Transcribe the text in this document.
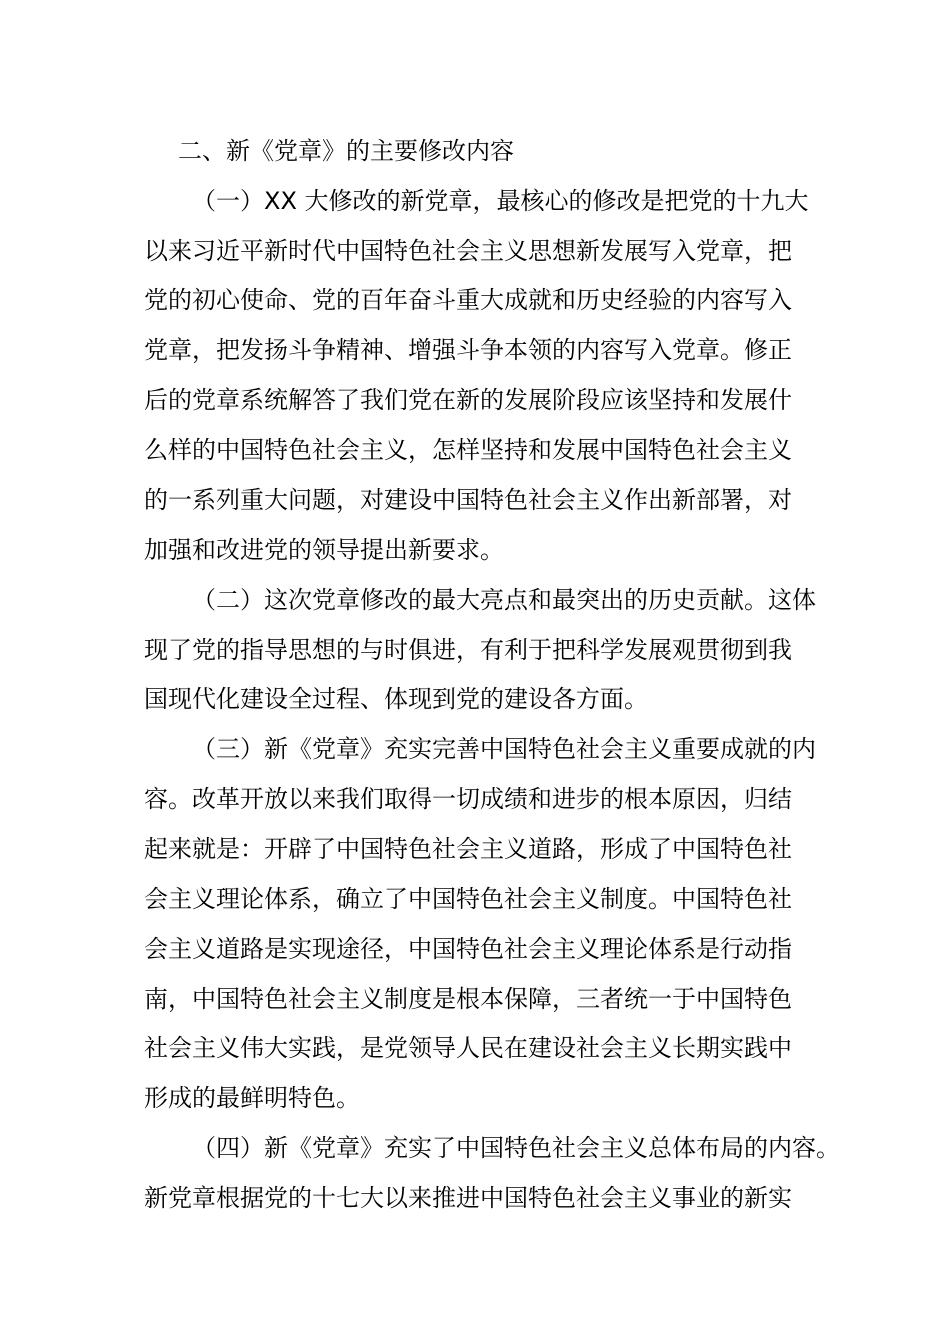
二、新《党章》的主要修改内容
（一）XX 大修改的新党章，最核心的修改是把党的十九大
以来习近平新时代中国特色社会主义思想新发展写入党章，把
党的初心使命、党的百年奋斗重大成就和历史经验的内容写入
党章，把发扬斗争精神、增强斗争本领的内容写入党章。修正
后的党章系统解答了我们党在新的发展阶段应该坚持和发展什
么样的中国特色社会主义，怎样坚持和发展中国特色社会主义
的一系列重大问题，对建设中国特色社会主义作出新部署，对
加强和改进党的领导提出新要求。
（二）这次党章修改的最大亮点和最突出的历史贡献。这体
现了党的指导思想的与时俱进，有利于把科学发展观贯彻到我
国现代化建设全过程、体现到党的建设各方面。
（三）新《党章》充实完善中国特色社会主义重要成就的内
容。改革开放以来我们取得一切成绩和进步的根本原因，归结
起来就是：开辟了中国特色社会主义道路，形成了中国特色社
会主义理论体系，确立了中国特色社会主义制度。中国特色社
会主义道路是实现途径，中国特色社会主义理论体系是行动指
南，中国特色社会主义制度是根本保障，三者统一于中国特色
社会主义伟大实践，是党领导人民在建设社会主义长期实践中
形成的最鲜明特色。
（四）新《党章》充实了中国特色社会主义总体布局的内容。
新党章根据党的十七大以来推进中国特色社会主义事业的新实
